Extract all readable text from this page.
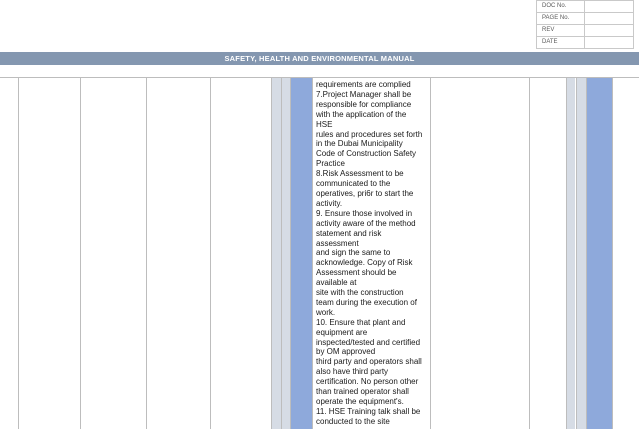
DOC No.	
PAGE No.	
REV	
DATE	
SAFETY, HEALTH AND ENVIRONMENTAL MANUAL
requirements are complied
7.Project Manager shall be
responsible for compliance
with the application of the
HSE
rules and procedures set forth
in the Dubai Municipality
Code of Construction Safety
Practice
8.Risk Assessment to be
communicated to the
operatives, pri6r to start the
activity.
9. Ensure those involved in
activity aware of the method
statement and risk
assessment
and sign the same to
acknowledge. Copy of Risk
Assessment should be
available at
site with the construction
team during the execution of
work.
10. Ensure that plant and
equipment are
inspected/tested and certified
by OM approved
third party and operators shall
also have third party
certification. No person other
than trained operator shall
operate the equipment's.
11. HSE Training talk shall be
conducted to the site
